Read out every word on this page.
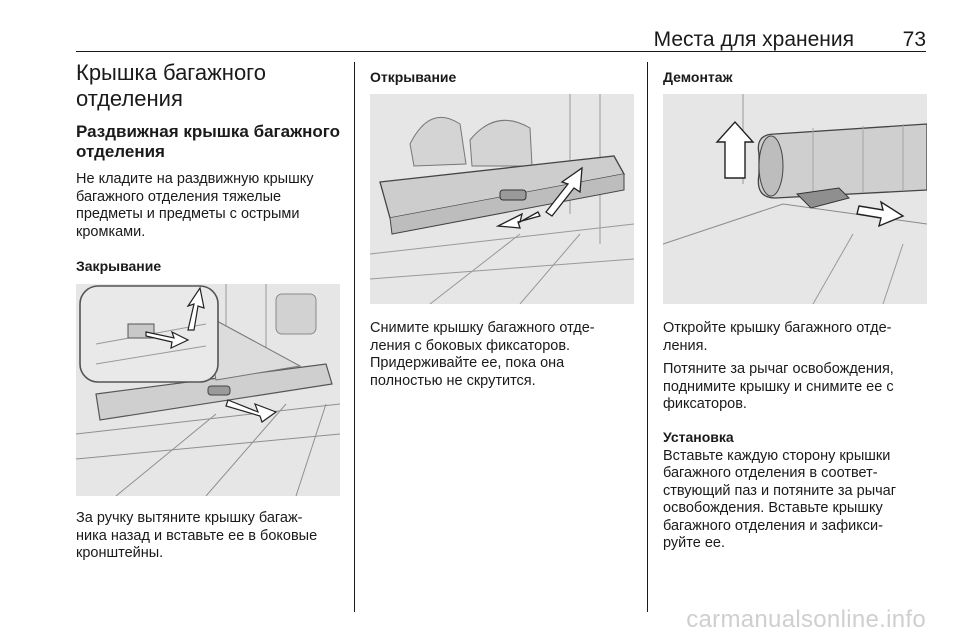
Места для хранения 73
Крышка багажного
отделения
Раздвижная крышка багажного
отделения
Не кладите на раздвижную крышку
багажного отделения тяжелые
предметы и предметы с острыми
кромками.
Закрывание
За ручку вытяните крышку багаж-
ника назад и вставьте ее в боковые
кронштейны.
Открывание
Снимите крышку багажного отде-
ления с боковых фиксаторов.
Придерживайте ее, пока она
полностью не скрутится.
Демонтаж
Откройте крышку багажного отде-
ления.
Потяните за рычаг освобождения,
поднимите крышку и снимите ее с
фиксаторов.
Установка
Вставьте каждую сторону крышки
багажного отделения в соответ-
ствующий паз и потяните за рычаг
освобождения. Вставьте крышку
багажного отделения и зафикси-
руйте ее.
carmanualsonline.info
